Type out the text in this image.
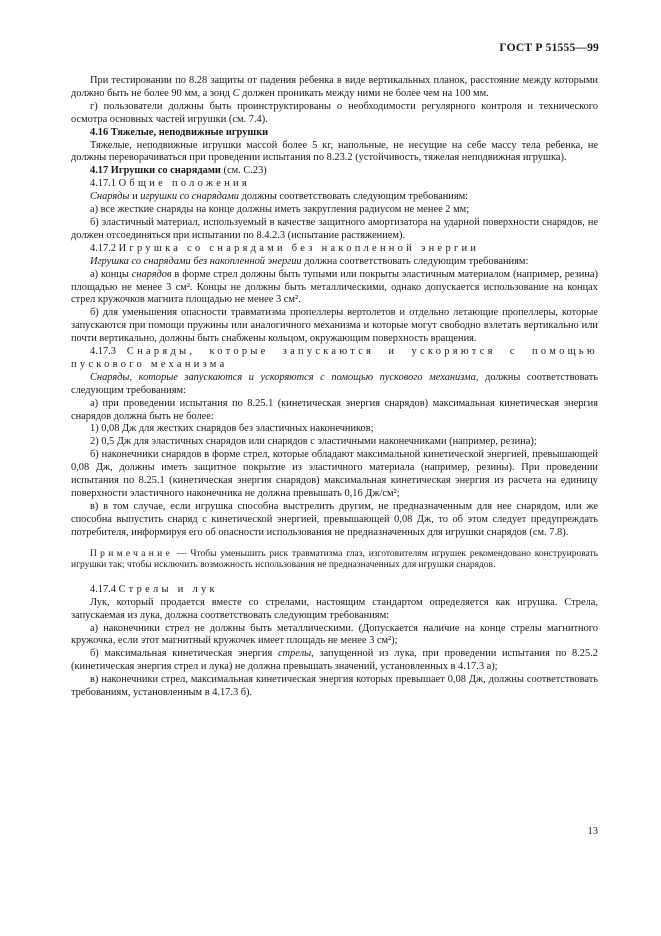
ГОСТ Р 51555—99

При тестировании по 8.28 защиты от падения ребенка в виде вертикальных планок, расстояние между которыми должно быть не более 90 мм, а зонд С должен проникать между ними не более чем на 100 мм.

г) пользователи должны быть проинструктированы о необходимости регулярного контроля и технического осмотра основных частей игрушки (см. 7.4).

4.16 Тяжелые, неподвижные игрушки

Тяжелые, неподвижные игрушки массой более 5 кг, напольные, не несущие на себе массу тела ребенка, не должны переворачиваться при проведении испытания по 8.23.2 (устойчивость, тяжелая неподвижная игрушка).

4.17 Игрушки со снарядами (см. С.23)

4.17.1 Общие положения

Снаряды и игрушки со снарядами должны соответствовать следующим требованиям:

а) все жесткие снаряды на конце должны иметь закругления радиусом не менее 2 мм;

б) эластичный материал, используемый в качестве защитного амортизатора на ударной поверхности снарядов, не должен отсоединяться при испытании по 8.4.2.3 (испытание растяжением).

4.17.2 Игрушка со снарядами без накопленной энергии

Игрушка со снарядами без накопленной энергии должна соответствовать следующим требованиям:

а) концы снарядов в форме стрел должны быть тупыми или покрыты эластичным материалом (например, резина) площадью не менее 3 см². Концы не должны быть металлическими, однако допускается использование на концах стрел кружочков магнита площадью не менее 3 см².

б) для уменьшения опасности травматизма пропеллеры вертолетов и отдельно летающие пропеллеры, которые запускаются при помощи пружины или аналогичного механизма и которые могут свободно взлетать вертикально или почти вертикально, должны быть снабжены кольцом, окружающим поверхность вращения.

4.17.3 Снаряды, которые запускаются и ускоряются с помощью пускового механизма

Снаряды, которые запускаются и ускоряются с помощью пускового механизма, должны соответствовать следующим требованиям:

а) при проведении испытания по 8.25.1 (кинетическая энергия снарядов) максимальная кинетическая энергия снарядов должна быть не более:

1) 0,08 Дж для жестких снарядов без эластичных наконечников;

2) 0,5 Дж для эластичных снарядов или снарядов с эластичными наконечниками (например, резина);

б) наконечники снарядов в форме стрел, которые обладают максимальной кинетической энергией, превышающей 0,08 Дж, должны иметь защитное покрытие из эластичного материала (например, резины). При проведении испытания по 8.25.1 (кинетическая энергия снарядов) максимальная кинетическая энергия из расчета на единицу поверхности эластичного наконечника не должна превышать 0,16 Дж/см²;

в) в том случае, если игрушка способна выстрелить другим, не предназначенным для нее снарядом, или же способна выпустить снаряд с кинетической энергией, превышающей 0,08 Дж, то об этом следует предупреждать потребителя, информируя его об опасности использования не предназначенных для игрушки снарядов (см. 7.8).

Примечание — Чтобы уменьшить риск травматизма глаз, изготовителям игрушек рекомендовано конструировать игрушки так; чтобы исключить возможность использования не предназначенных для игрушки снарядов.

4.17.4 Стрелы и лук

Лук, который продается вместе со стрелами, настоящим стандартом определяется как игрушка. Стрела, запускаемая из лука, должна соответствовать следующим требованиям:

а) наконечники стрел не должны быть металлическими. (Допускается наличие на конце стрелы магнитного кружочка, если этот магнитный кружочек имеет площадь не менее 3 см²);

б) максимальная кинетическая энергия стрелы, запущенной из лука, при проведении испытания по 8.25.2 (кинетическая энергия стрел и лука) не должна превышать значений, установленных в 4.17.3 а);

в) наконечники стрел, максимальная кинетическая энергия которых превышает 0,08 Дж, должны соответствовать требованиям, установленным в 4.17.3 б).

13
